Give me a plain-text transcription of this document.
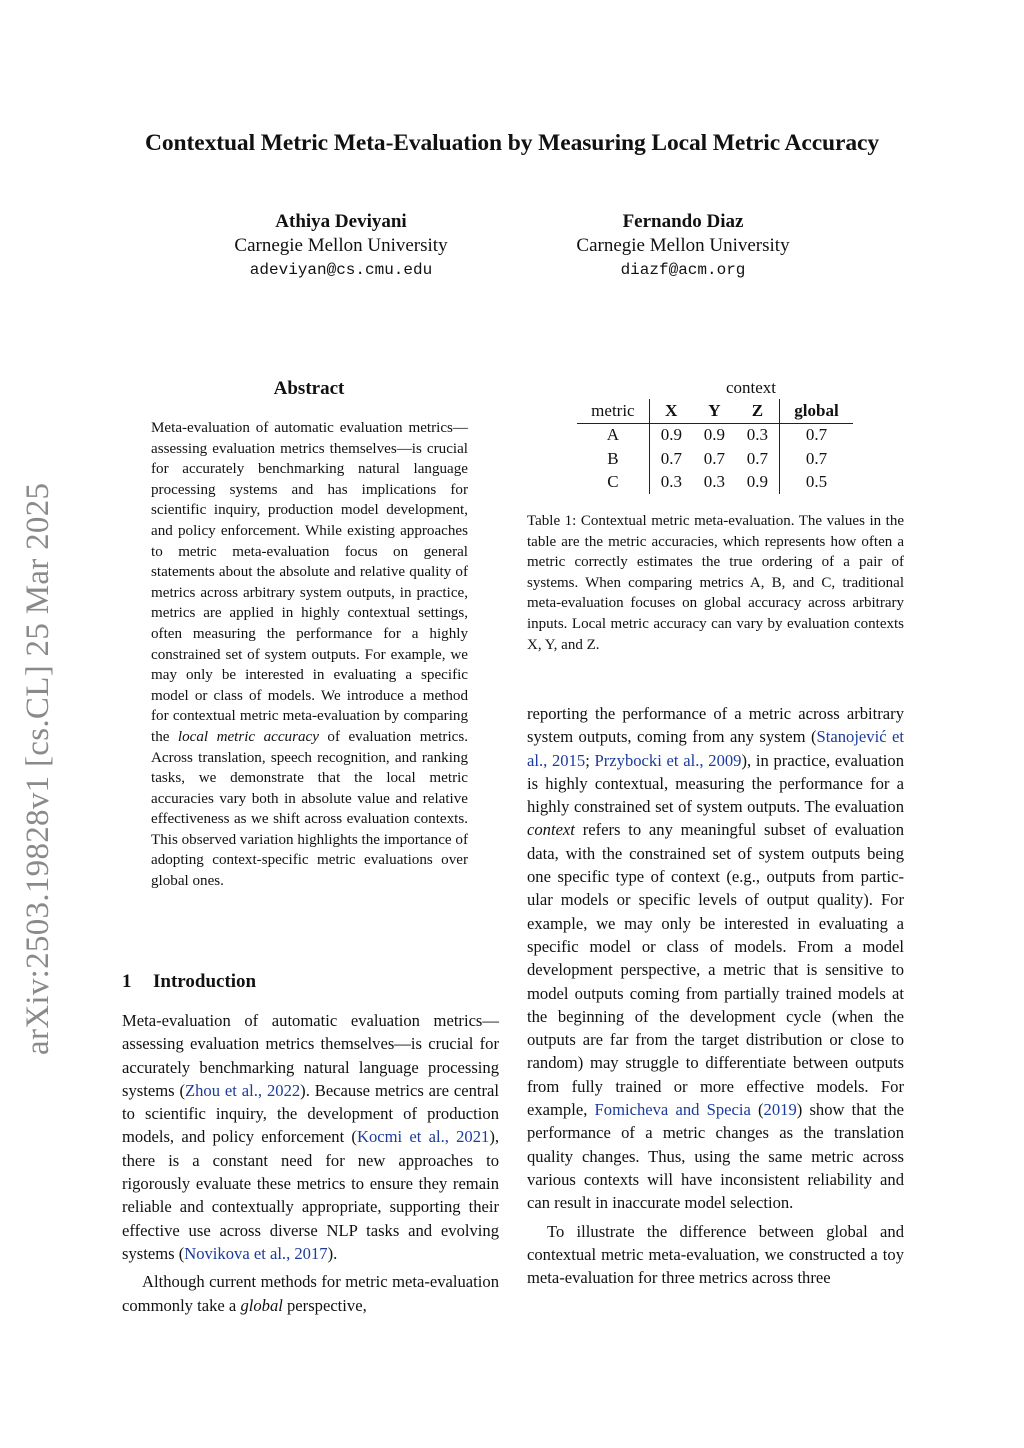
Contextual Metric Meta-Evaluation by Measuring Local Metric Accuracy
Athiya Deviyani
Carnegie Mellon University
adeviyan@cs.cmu.edu
Fernando Diaz
Carnegie Mellon University
diazf@acm.org
arXiv:2503.19828v1 [cs.CL] 25 Mar 2025
Abstract
Meta-evaluation of automatic evaluation metrics—assessing evaluation metrics themselves—is crucial for accurately benchmarking natural language processing systems and has implications for scientific inquiry, production model development, and policy enforcement. While existing approaches to metric meta-evaluation focus on general statements about the absolute and relative quality of metrics across arbitrary system outputs, in practice, metrics are applied in highly contextual settings, often measuring the performance for a highly constrained set of system outputs. For example, we may only be interested in evaluating a specific model or class of models. We introduce a method for contextual metric meta-evaluation by comparing the local metric accuracy of evaluation metrics. Across translation, speech recognition, and ranking tasks, we demonstrate that the local metric accuracies vary both in absolute value and relative effectiveness as we shift across evaluation contexts. This observed variation highlights the importance of adopting context-specific metric evaluations over global ones.
1 Introduction

Meta-evaluation of automatic evaluation metrics—assessing evaluation metrics themselves—is crucial for accurately benchmarking natural language processing systems (Zhou et al., 2022). Because metrics are central to scientific inquiry, the development of production models, and policy enforcement (Kocmi et al., 2021), there is a constant need for new approaches to rigorously evaluate these metrics to ensure they remain reliable and contextually appropriate, supporting their effective use across diverse NLP tasks and evolving systems (Novikova et al., 2017).

Although current methods for metric meta-evaluation commonly take a global perspective,

context
metric	X	Y	Z	global
A	0.9	0.9	0.3	0.7
B	0.7	0.7	0.7	0.7
C	0.3	0.3	0.9	0.5
Table 1: Contextual metric meta-evaluation. The values in the table are the metric accuracies, which represents how often a metric correctly estimates the true ordering of a pair of systems. When comparing metrics A, B, and C, traditional meta-evaluation focuses on global accuracy across arbitrary inputs. Local metric accuracy can vary by evaluation contexts X, Y, and Z.

reporting the performance of a metric across arbitrary system outputs, coming from any system (Stanojević et al., 2015; Przybocki et al., 2009), in practice, evaluation is highly contextual, measuring the performance for a highly constrained set of system outputs. The evaluation context refers to any meaningful subset of evaluation data, with the constrained set of system outputs being one specific type of context (e.g., outputs from particular models or specific levels of output quality). For example, we may only be interested in evaluating a specific model or class of models. From a model development perspective, a metric that is sensitive to model outputs coming from partially trained models at the beginning of the development cycle (when the outputs are far from the target distribution or close to random) may struggle to differentiate between outputs from fully trained or more effective models. For example, Fomicheva and Specia (2019) show that the performance of a metric changes as the translation quality changes. Thus, using the same metric across various contexts will have inconsistent reliability and can result in inaccurate model selection.

To illustrate the difference between global and contextual metric meta-evaluation, we constructed a toy meta-evaluation for three metrics across three
